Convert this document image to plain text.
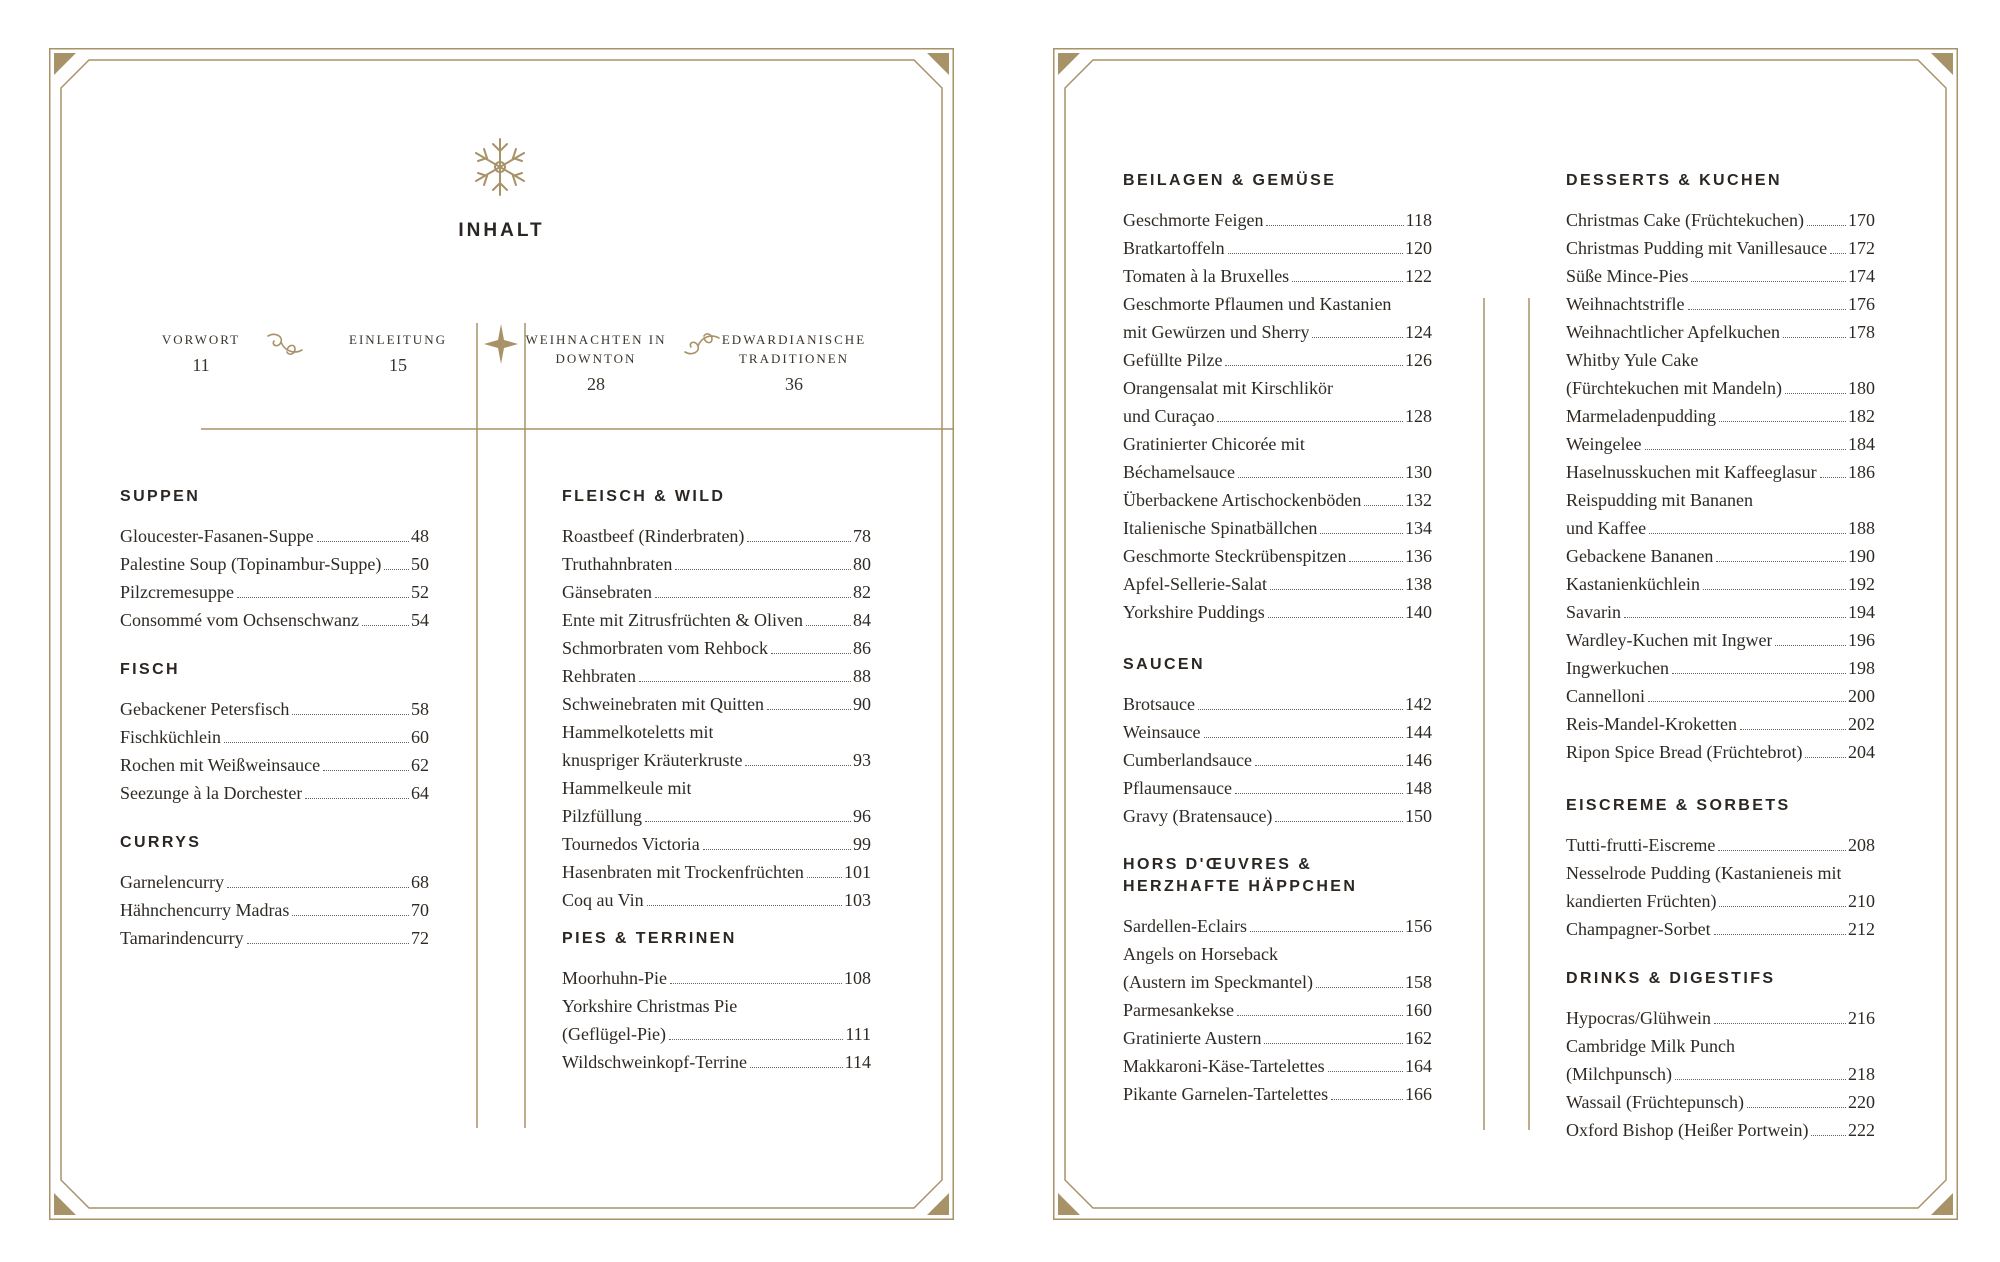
INHALT
VORWORT
11
EINLEITUNG
15
WEIHNACHTEN IN DOWNTON
28
EDWARDIANISCHE TRADITIONEN
36
SUPPEN
Gloucester-Fasanen-Suppe	48
Palestine Soup (Topinambur-Suppe) 50
Pilzcremesuppe	52
Consommé vom Ochsenschwanz	54
FISCH
Gebackener Petersfisch	58
Fischküchlein	60
Rochen mit Weißweinsauce	62
Seezunge à la Dorchester	64
CURRYS
Garnelencurry	68
Hähnchencurry Madras	70
Tamarindencurry	72
FLEISCH & WILD
Roastbeef (Rinderbraten)	78
Truthahnbraten	80
Gänsebraten	82
Ente mit Zitrusfrüchten & Oliven	84
Schmorbraten vom Rehbock	86
Rehbraten	88
Schweinebraten mit Quitten	90
Hammelkoteletts mit
knuspriger Kräuterkruste	93
Hammelkeule mit
Pilzfüllung	96
Tournedos Victoria	99
Hasenbraten mit Trockenfrüchten 101
Coq au Vin	103
PIES & TERRINEN
Moorhuhn-Pie	108
Yorkshire Christmas Pie
(Geflügel-Pie)	111
Wildschweinkopf-Terrine	114
BEILAGEN & GEMÜSE
Geschmorte Feigen	118
Bratkartoffeln	120
Tomaten à la Bruxelles	122
Geschmorte Pflaumen und Kastanien
mit Gewürzen und Sherry	124
Gefüllte Pilze	126
Orangensalat mit Kirschlikör
und Curaçao	128
Gratinierter Chicorée mit
Béchamelsauce	130
Überbackene Artischockenböden 132
Italienische Spinatbällchen	134
Geschmorte Steckrübenspitzen	136
Apfel-Sellerie-Salat	138
Yorkshire Puddings	140
SAUCEN
Brotsauce	142
Weinsauce	144
Cumberlandsauce	146
Pflaumensauce	148
Gravy (Bratensauce)	150
HORS D'ŒUVRES & HERZHAFTE HÄPPCHEN
Sardellen-Eclairs	156
Angels on Horseback
(Austern im Speckmantel)	158
Parmesankekse	160
Gratinierte Austern	162
Makkaroni-Käse-Tartelettes	164
Pikante Garnelen-Tartelettes	166
DESSERTS & KUCHEN
Christmas Cake (Früchtekuchen) 170
Christmas Pudding mit Vanillesauce 172
Süße Mince-Pies	174
Weihnachtstrifle	176
Weihnachtlicher Apfelkuchen	178
Whitby Yule Cake
(Fürchtekuchen mit Mandeln)	180
Marmeladenpudding	182
Weingelee	184
Haselnusskuchen mit Kaffeeglasur 186
Reispudding mit Bananen
und Kaffee	188
Gebackene Bananen	190
Kastanienküchlein	192
Savarin	194
Wardley-Kuchen mit Ingwer	196
Ingwerkuchen	198
Cannelloni	200
Reis-Mandel-Kroketten	202
Ripon Spice Bread (Früchtebrot)	204
EISCREME & SORBETS
Tutti-frutti-Eiscreme	208
Nesselrode Pudding (Kastanieneis mit
kandierten Früchten)	210
Champagner-Sorbet	212
DRINKS & DIGESTIFS
Hypocras/Glühwein	216
Cambridge Milk Punch
(Milchpunsch)	218
Wassail (Früchtepunsch)	220
Oxford Bishop (Heißer Portwein) 222
